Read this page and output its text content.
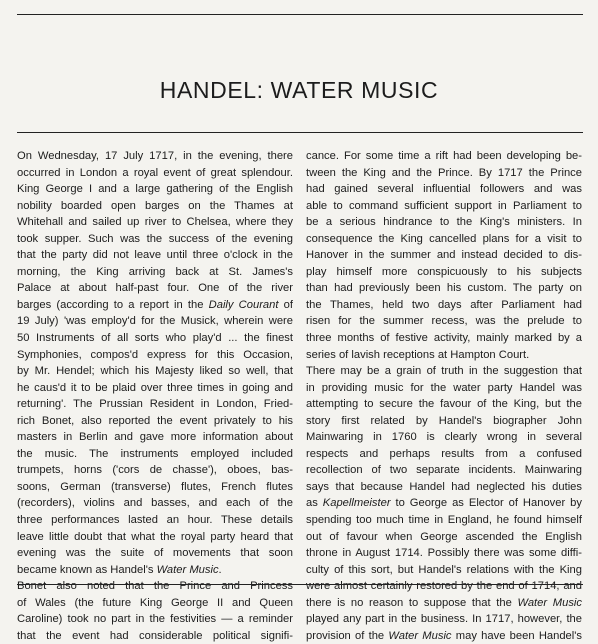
HANDEL: WATER MUSIC
On Wednesday, 17 July 1717, in the evening, there
occurred in London a royal event of great splendour.
King George I and a large gathering of the English
nobility boarded open barges on the Thames at
Whitehall and sailed up river to Chelsea, where they
took supper. Such was the success of the evening
that the party did not leave until three o'clock in the
morning, the King arriving back at St. James's
Palace at about half-past four. One of the river
barges (according to a report in the Daily Courant of
19 July) 'was employ'd for the Musick, wherein were
50 Instruments of all sorts who play'd ... the finest
Symphonies, compos'd express for this Occasion,
by Mr. Hendel; which his Majesty liked so well, that
he caus'd it to be plaid over three times in going and
returning'. The Prussian Resident in London, Fried-
rich Bonet, also reported the event privately to his
masters in Berlin and gave more information about
the music. The instruments employed included
trumpets, horns ('cors de chasse'), oboes, bas-
soons, German (transverse) flutes, French flutes
(recorders), violins and basses, and each of the
three performances lasted an hour. These details
leave little doubt that what the royal party heard that
evening was the suite of movements that soon
became known as Handel's Water Music.
Bonet also noted that the Prince and Princess
of Wales (the future King George II and Queen
Caroline) took no part in the festivities — a reminder
that the event had considerable political signifi-
cance. For some time a rift had been developing be-
tween the King and the Prince. By 1717 the Prince
had gained several influential followers and was
able to command sufficient support in Parliament to
be a serious hindrance to the King's ministers. In
consequence the King cancelled plans for a visit to
Hanover in the summer and instead decided to dis-
play himself more conspicuously to his subjects
than had previously been his custom. The party on
the Thames, held two days after Parliament had
risen for the summer recess, was the prelude to
three months of festive activity, mainly marked by a
series of lavish receptions at Hampton Court.
There may be a grain of truth in the suggestion that
in providing music for the water party Handel was
attempting to secure the favour of the King, but the
story first related by Handel's biographer John
Mainwaring in 1760 is clearly wrong in several
respects and perhaps results from a confused
recollection of two separate incidents. Mainwaring
says that because Handel had neglected his duties
as Kapellmeister to George as Elector of Hanover by
spending too much time in England, he found himself
out of favour when George ascended the English
throne in August 1714. Possibly there was some diffi-
culty of this sort, but Handel's relations with the King
were almost certainly restored by the end of 1714, and
there is no reason to suppose that the Water Music
played any part in the business. In 1717, however, the
provision of the Water Music may have been Handel's
